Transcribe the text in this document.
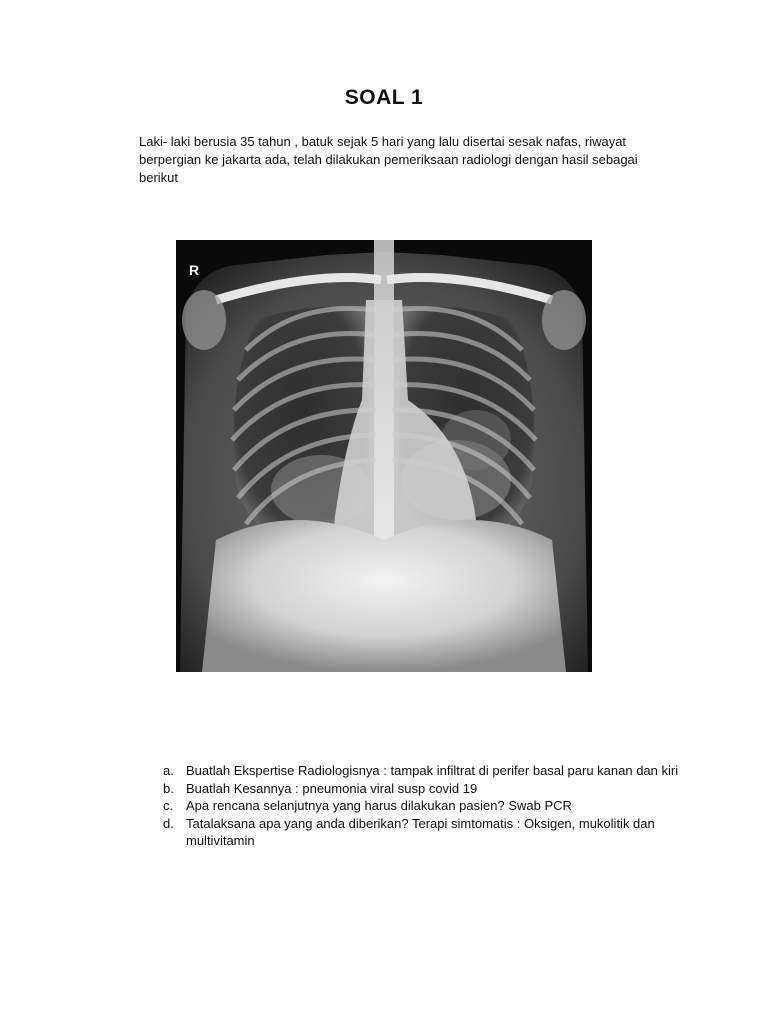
SOAL 1

Laki- laki berusia 35 tahun , batuk sejak 5 hari yang lalu disertai sesak nafas, riwayat berpergian ke jakarta ada, telah dilakukan pemeriksaan radiologi dengan hasil sebagai berikut

R
a. Buatlah Ekspertise Radiologisnya : tampak infiltrat di perifer basal paru kanan dan kiri
b. Buatlah Kesannya : pneumonia viral susp covid 19
c. Apa rencana selanjutnya yang harus dilakukan pasien? Swab PCR
d. Tatalaksana apa yang anda diberikan? Terapi simtomatis : Oksigen, mukolitik dan multivitamin
